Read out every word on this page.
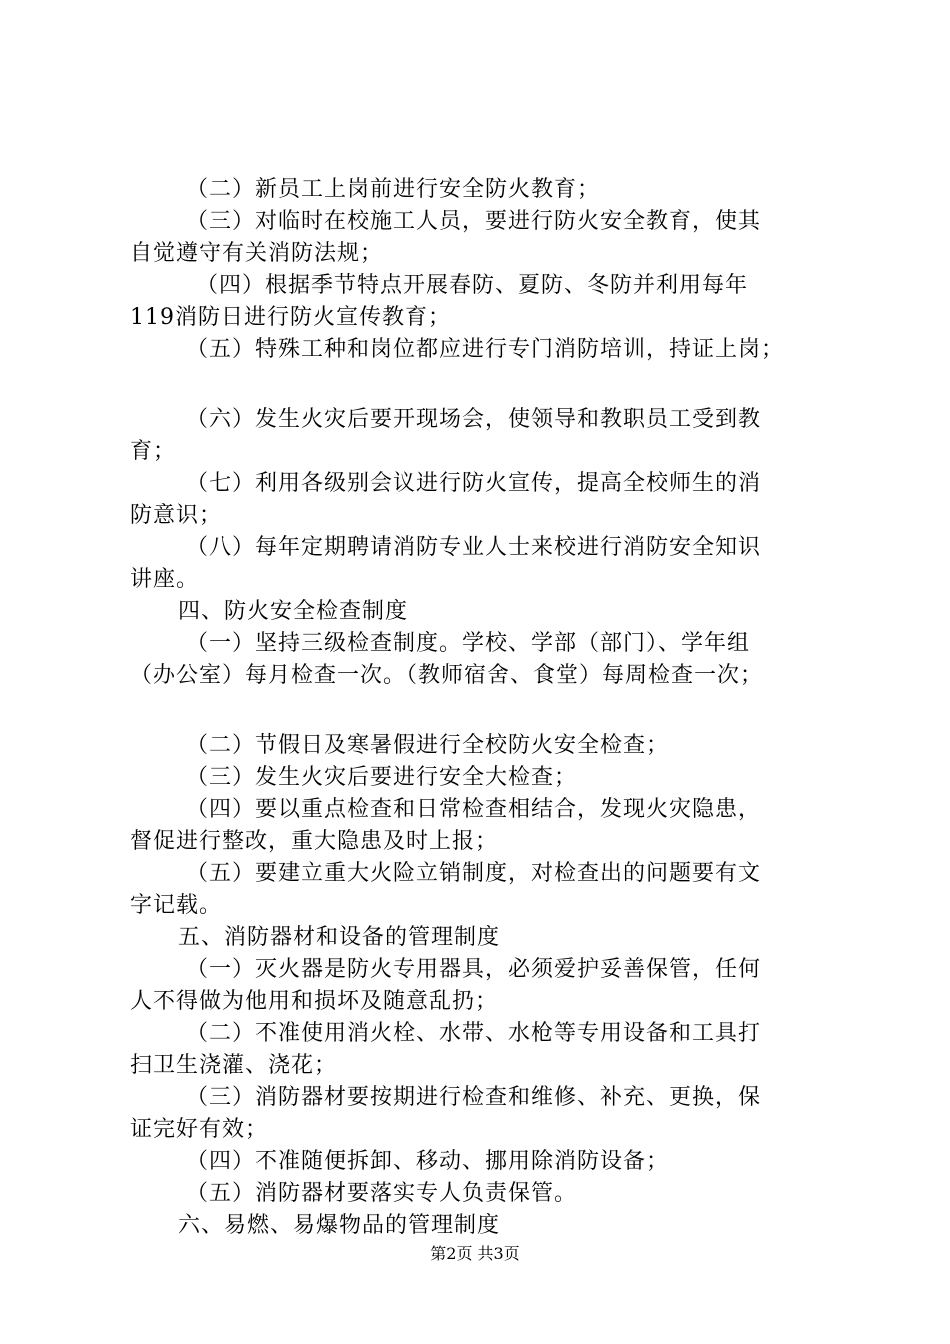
（二）新员工上岗前进行安全防火教育；
（三）对临时在校施工人员，要进行防火安全教育，使其
自觉遵守有关消防法规；
（四）根据季节特点开展春防、夏防、冬防并利用每年
119消防日进行防火宣传教育；
（五）特殊工种和岗位都应进行专门消防培训，持证上岗；
（六）发生火灾后要开现场会，使领导和教职员工受到教
育；
（七）利用各级别会议进行防火宣传，提高全校师生的消
防意识；
（八）每年定期聘请消防专业人士来校进行消防安全知识
讲座。
四、防火安全检查制度
（一）坚持三级检查制度。学校、学部（部门）、学年组
（办公室）每月检查一次。（教师宿舍、食堂）每周检查一次；
（二）节假日及寒暑假进行全校防火安全检查；
（三）发生火灾后要进行安全大检查；
（四）要以重点检查和日常检查相结合，发现火灾隐患，
督促进行整改，重大隐患及时上报；
（五）要建立重大火险立销制度，对检查出的问题要有文
字记载。
五、消防器材和设备的管理制度
（一）灭火器是防火专用器具，必须爱护妥善保管，任何
人不得做为他用和损坏及随意乱扔；
（二）不准使用消火栓、水带、水枪等专用设备和工具打
扫卫生浇灌、浇花；
（三）消防器材要按期进行检查和维修、补充、更换，保
证完好有效；
（四）不准随便拆卸、移动、挪用除消防设备；
（五）消防器材要落实专人负责保管。
六、易燃、易爆物品的管理制度
第2页 共3页
